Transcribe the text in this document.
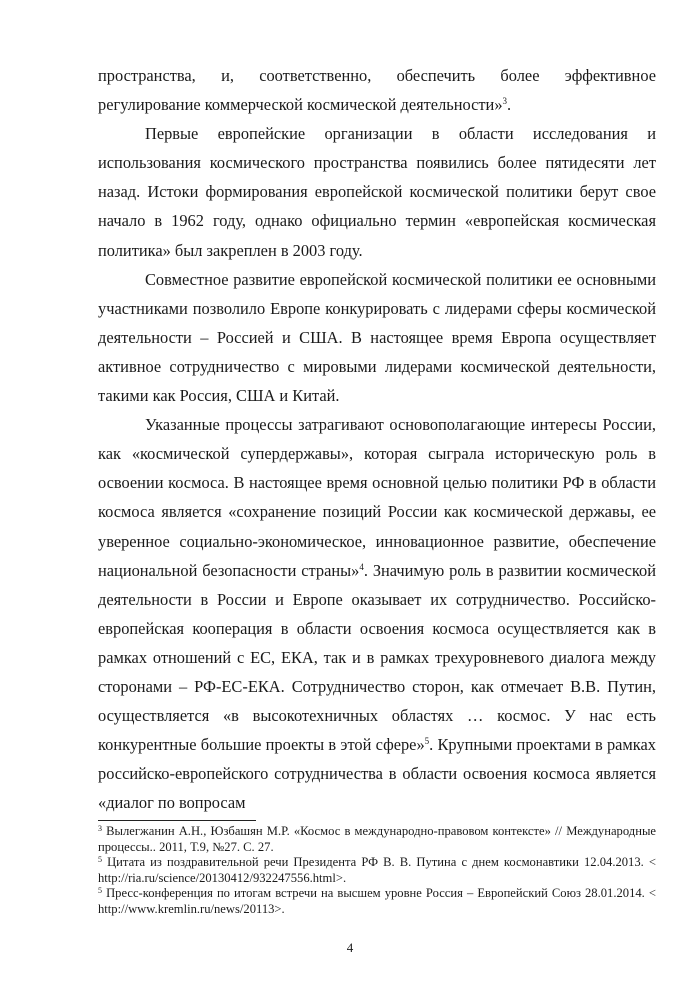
пространства, и, соответственно, обеспечить более эффективное регулирование коммерческой космической деятельности»$^3$.

Первые европейские организации в области исследования и использования космического пространства появились более пятидесяти лет назад. Истоки формирования европейской космической политики берут свое начало в 1962 году, однако официально термин «европейская космическая политика» был закреплен в 2003 году.

Совместное развитие европейской космической политики ее основными участниками позволило Европе конкурировать с лидерами сферы космической деятельности – Россией и США. В настоящее время Европа осуществляет активное сотрудничество с мировыми лидерами космической деятельности, такими как Россия, США и Китай.

Указанные процессы затрагивают основополагающие интересы России, как «космической супердержавы», которая сыграла историческую роль в освоении космоса. В настоящее время основной целью политики РФ в области космоса является «сохранение позиций России как космической державы, ее уверенное социально-экономическое, инновационное развитие, обеспечение национальной безопасности страны»$^4$. Значимую роль в развитии космической деятельности в России и Европе оказывает их сотрудничество. Российско-европейская кооперация в области освоения космоса осуществляется как в рамках отношений с ЕС, ЕКА, так и в рамках трехуровневого диалога между сторонами – РФ-ЕС-ЕКА. Сотрудничество сторон, как отмечает В.В. Путин, осуществляется «в высокотехничных областях … космос. У нас есть конкурентные большие проекты в этой сфере»$^5$. Крупными проектами в рамках российско-европейского сотрудничества в области освоения космоса является «диалог по вопросам

$^3$ Вылегжанин А.Н., Юзбашян М.Р. «Космос в международно-правовом контексте» // Международные процессы.. 2011, Т.9, №27. С. 27.

$^5$ Цитата из поздравительной речи Президента РФ В. В. Путина с днем космонавтики 12.04.2013. < http://ria.ru/science/20130412/932247556.html>.

$^5$ Пресс-конференция по итогам встречи на высшем уровне Россия – Европейский Союз 28.01.2014. < http://www.kremlin.ru/news/20113>.

4
